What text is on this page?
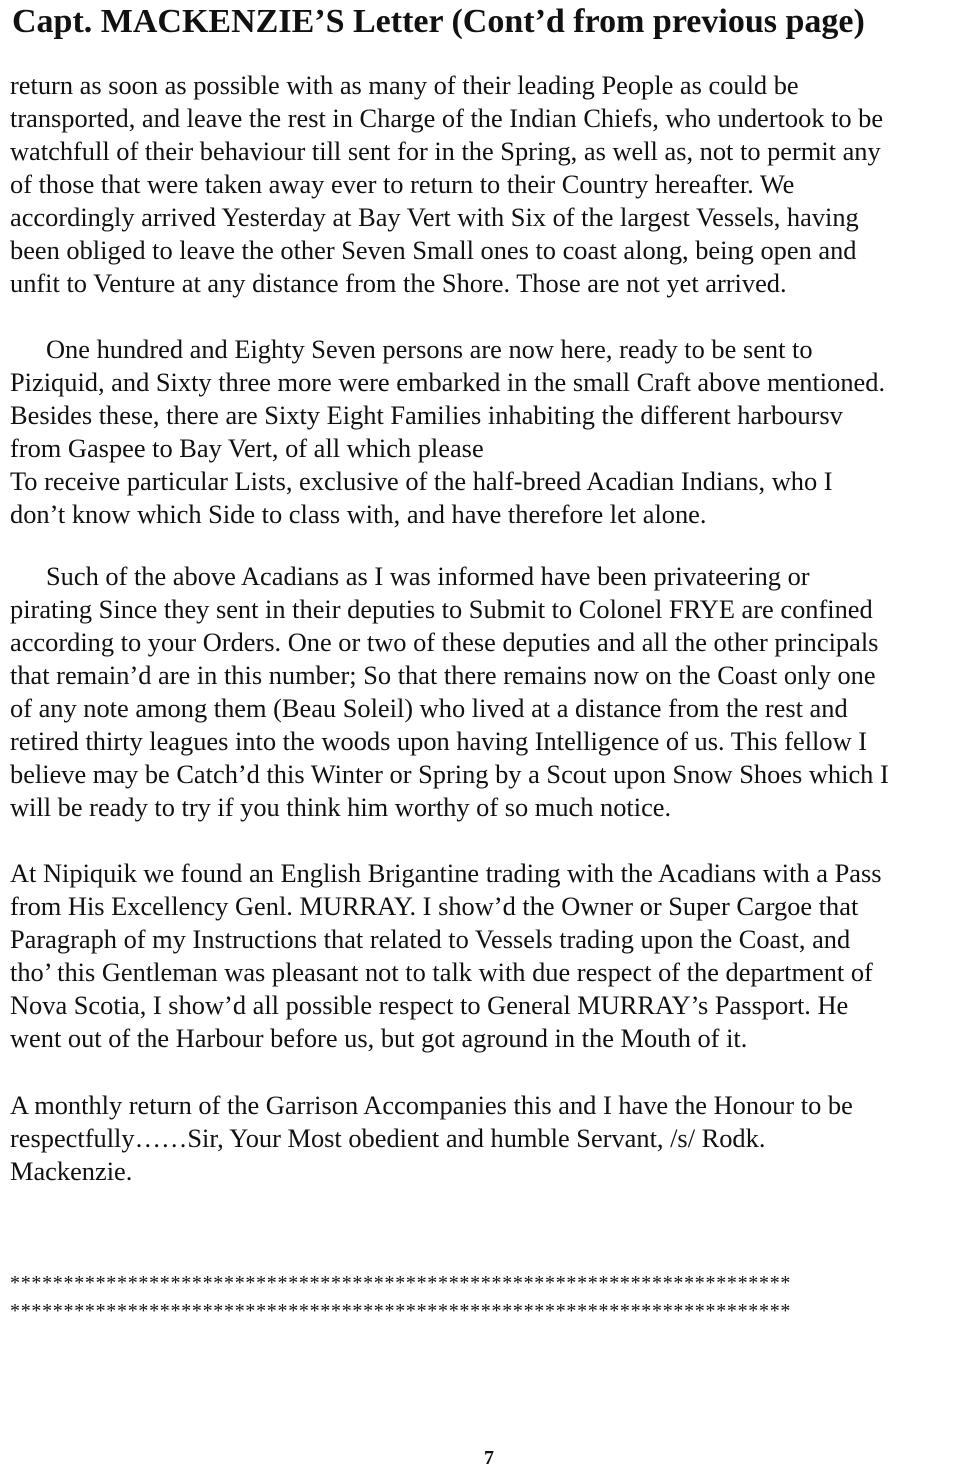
Capt. MACKENZIE’S Letter (Cont’d from previous page)

return as soon as possible with as many of their leading People as could be

transported, and leave the rest in Charge of the Indian Chiefs, who undertook to be

watchfull of their behaviour till sent for in the Spring, as well as, not to permit any

of those that were taken away ever to return to their Country hereafter. We

accordingly arrived Yesterday at Bay Vert with Six of the largest Vessels, having

been obliged to leave the other Seven Small ones to coast along, being open and

unfit to Venture at any distance from the Shore. Those are not yet arrived.

One hundred and Eighty Seven persons are now here, ready to be sent to

Piziquid, and Sixty three more were embarked in the small Craft above mentioned.

Besides these, there are Sixty Eight Families inhabiting the different harboursv

from Gaspee to Bay Vert, of all which please

To receive particular Lists, exclusive of the half-breed Acadian Indians, who I

don’t know which Side to class with, and have therefore let alone.

Such of the above Acadians as I was informed have been privateering or

pirating Since they sent in their deputies to Submit to Colonel FRYE are confined

according to your Orders. One or two of these deputies and all the other principals

that remain’d are in this number; So that there remains now on the Coast only one

of any note among them (Beau Soleil) who lived at a distance from the rest and

retired thirty leagues into the woods upon having Intelligence of us. This fellow I

believe may be Catch’d this Winter or Spring by a Scout upon Snow Shoes which I

will be ready to try if you think him worthy of so much notice.

At Nipiquik we found an English Brigantine trading with the Acadians with a Pass

from His Excellency Genl. MURRAY. I show’d the Owner or Super Cargoe that

Paragraph of my Instructions that related to Vessels trading upon the Coast, and

tho’ this Gentleman was pleasant not to talk with due respect of the department of

Nova Scotia, I show’d all possible respect to General MURRAY’s Passport. He

went out of the Harbour before us, but got aground in the Mouth of it.

A monthly return of the Garrison Accompanies this and I have the Honour to be

respectfully……Sir, Your Most obedient and humble Servant, /s/ Rodk.

Mackenzie.

*************************************************************************

*************************************************************************

7
